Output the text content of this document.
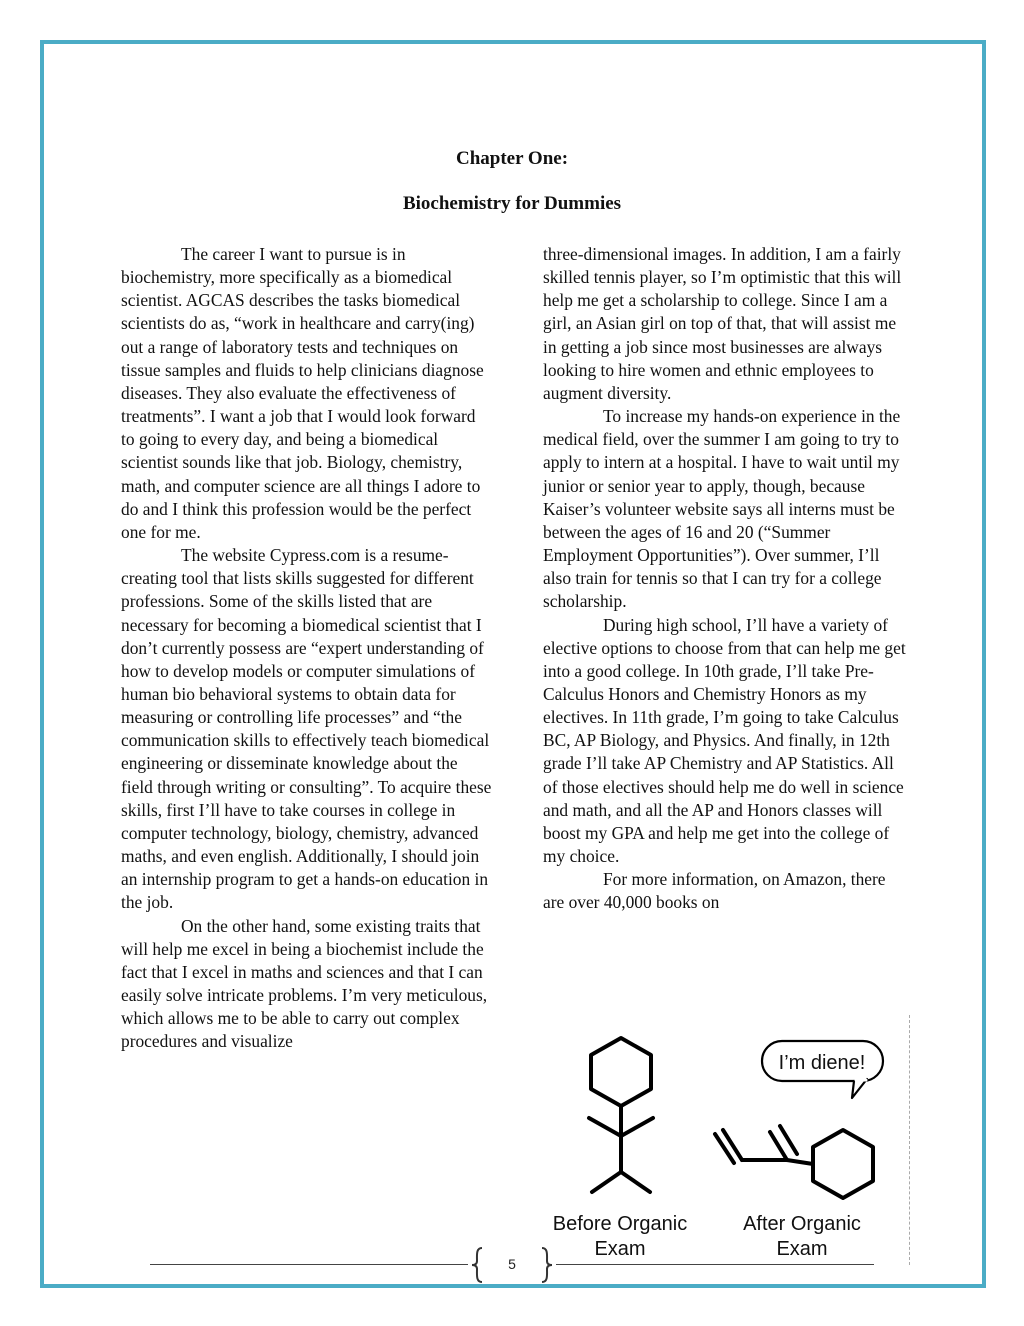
Chapter One:
Biochemistry for Dummies

The career I want to pursue is in biochemistry, more specifically as a biomedical scientist. AGCAS describes the tasks biomedical scientists do as, “work in healthcare and carry(ing) out a range of laboratory tests and techniques on tissue samples and fluids to help clinicians diagnose diseases. They also evaluate the effectiveness of treatments”. I want a job that I would look forward to going to every day, and being a biomedical scientist sounds like that job. Biology, chemistry, math, and computer science are all things I adore to do and I think this profession would be the perfect one for me.

The website Cypress.com is a resume-creating tool that lists skills suggested for different professions. Some of the skills listed that are necessary for becoming a biomedical scientist that I don’t currently possess are “expert understanding of how to develop models or computer simulations of human bio behavioral systems to obtain data for measuring or controlling life processes” and “the communication skills to effectively teach biomedical engineering or disseminate knowledge about the field through writing or consulting”. To acquire these skills, first I’ll have to take courses in college in computer technology, biology, chemistry, advanced maths, and even english. Additionally, I should join an internship program to get a hands-on education in the job.

On the other hand, some existing traits that will help me excel in being a biochemist include the fact that I excel in maths and sciences and that I can easily solve intricate problems. I’m very meticulous, which allows me to be able to carry out complex procedures and visualize

three-dimensional images. In addition, I am a fairly skilled tennis player, so I’m optimistic that this will help me get a scholarship to college. Since I am a girl, an Asian girl on top of that, that will assist me in getting a job since most businesses are always looking to hire women and ethnic employees to augment diversity.

To increase my hands-on experience in the medical field, over the summer I am going to try to apply to intern at a hospital. I have to wait until my junior or senior year to apply, though, because Kaiser’s volunteer website says all interns must be between the ages of 16 and 20 (“Summer Employment Opportunities”). Over summer, I’ll also train for tennis so that I can try for a college scholarship.

During high school, I’ll have a variety of elective options to choose from that can help me get into a good college. In 10th grade, I’ll take Pre-Calculus Honors and Chemistry Honors as my electives. In 11th grade, I’m going to take Calculus BC, AP Biology, and Physics. And finally, in 12th grade I’ll take AP Chemistry and AP Statistics. All of those electives should help me do well in science and math, and all the AP and Honors classes will boost my GPA and help me get into the college of my choice.

For more information, on Amazon, there are over 40,000 books on

I’m diene!
Before Organic
Exam
After Organic
Exam
5
